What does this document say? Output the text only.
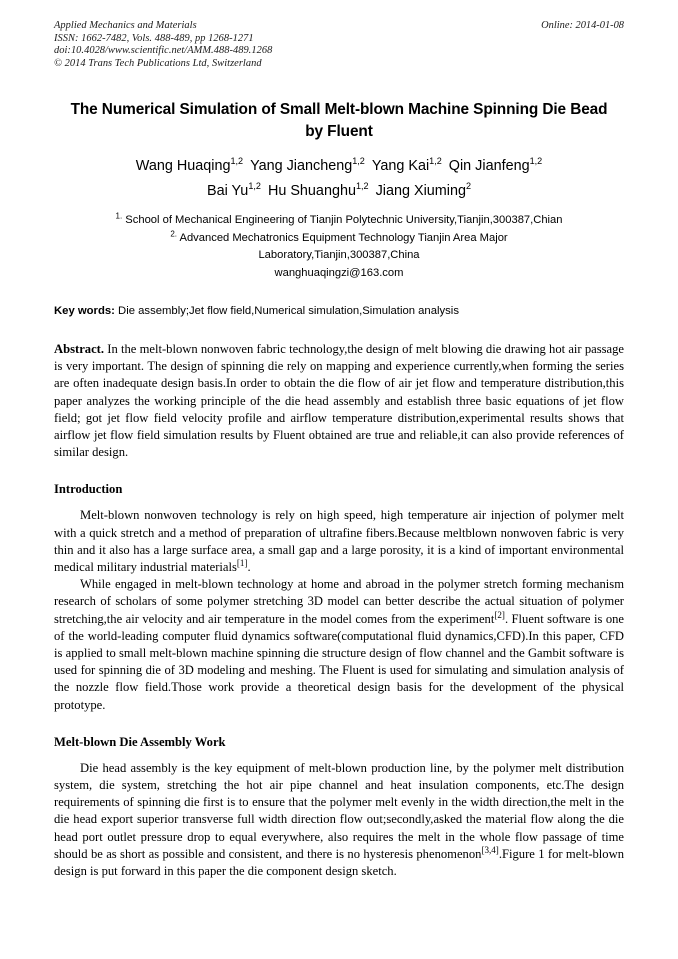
Applied Mechanics and Materials
ISSN: 1662-7482, Vols. 488-489, pp 1268-1271
doi:10.4028/www.scientific.net/AMM.488-489.1268
© 2014 Trans Tech Publications Ltd, Switzerland
Online: 2014-01-08
The Numerical Simulation of Small Melt-blown Machine Spinning Die Bead by Fluent
Wang Huaqing$^{1,2}$ Yang Jiancheng$^{1,2}$ Yang Kai$^{1,2}$ Qin Jianfeng$^{1,2}$
Bai Yu$^{1,2}$ Hu Shuanghu$^{1,2}$ Jiang Xiuming$^2$
$^{1.}$ School of Mechanical Engineering of Tianjin Polytechnic University,Tianjin,300387,Chian
$^{2.}$ Advanced Mechatronics Equipment Technology Tianjin Area Major
Laboratory,Tianjin,300387,China
wanghuaqingzi@163.com
Key words: Die assembly;Jet flow field,Numerical simulation,Simulation analysis
Abstract. In the melt-blown nonwoven fabric technology,the design of melt blowing die drawing hot air passage is very important. The design of spinning die rely on mapping and experience currently,when forming the series are often inadequate design basis.In order to obtain the die flow of air jet flow and temperature distribution,this paper analyzes the working principle of the die head assembly and establish three basic equations of jet flow field; got jet flow field velocity profile and airflow temperature distribution,experimental results shows that airflow jet flow field simulation results by Fluent obtained are true and reliable,it can also provide references of similar design.
Introduction

Melt-blown nonwoven technology is rely on high speed, high temperature air injection of polymer melt with a quick stretch and a method of preparation of ultrafine fibers.Because meltblown nonwoven fabric is very thin and it also has a large surface area, a small gap and a large porosity, it is a kind of important environmental medical military industrial materials[1].

While engaged in melt-blown technology at home and abroad in the polymer stretch forming mechanism research of scholars of some polymer stretching 3D model can better describe the actual situation of polymer stretching,the air velocity and air temperature in the model comes from the experiment[2]. Fluent software is one of the world-leading computer fluid dynamics software(computational fluid dynamics,CFD).In this paper, CFD is applied to small melt-blown machine spinning die structure design of flow channel and the Gambit software is used for spinning die of 3D modeling and meshing. The Fluent is used for simulating and simulation analysis of the nozzle flow field.Those work provide a theoretical design basis for the development of the physical prototype.

Melt-blown Die Assembly Work

Die head assembly is the key equipment of melt-blown production line, by the polymer melt distribution system, die system, stretching the hot air pipe channel and heat insulation components, etc.The design requirements of spinning die first is to ensure that the polymer melt evenly in the width direction,the melt in the die head export superior transverse full width direction flow out;secondly,asked the material flow along the die head port outlet pressure drop to equal everywhere, also requires the melt in the whole flow passage of time should be as short as possible and consistent, and there is no hysteresis phenomenon[3,4].Figure 1 for melt-blown design is put forward in this paper the die component design sketch.
